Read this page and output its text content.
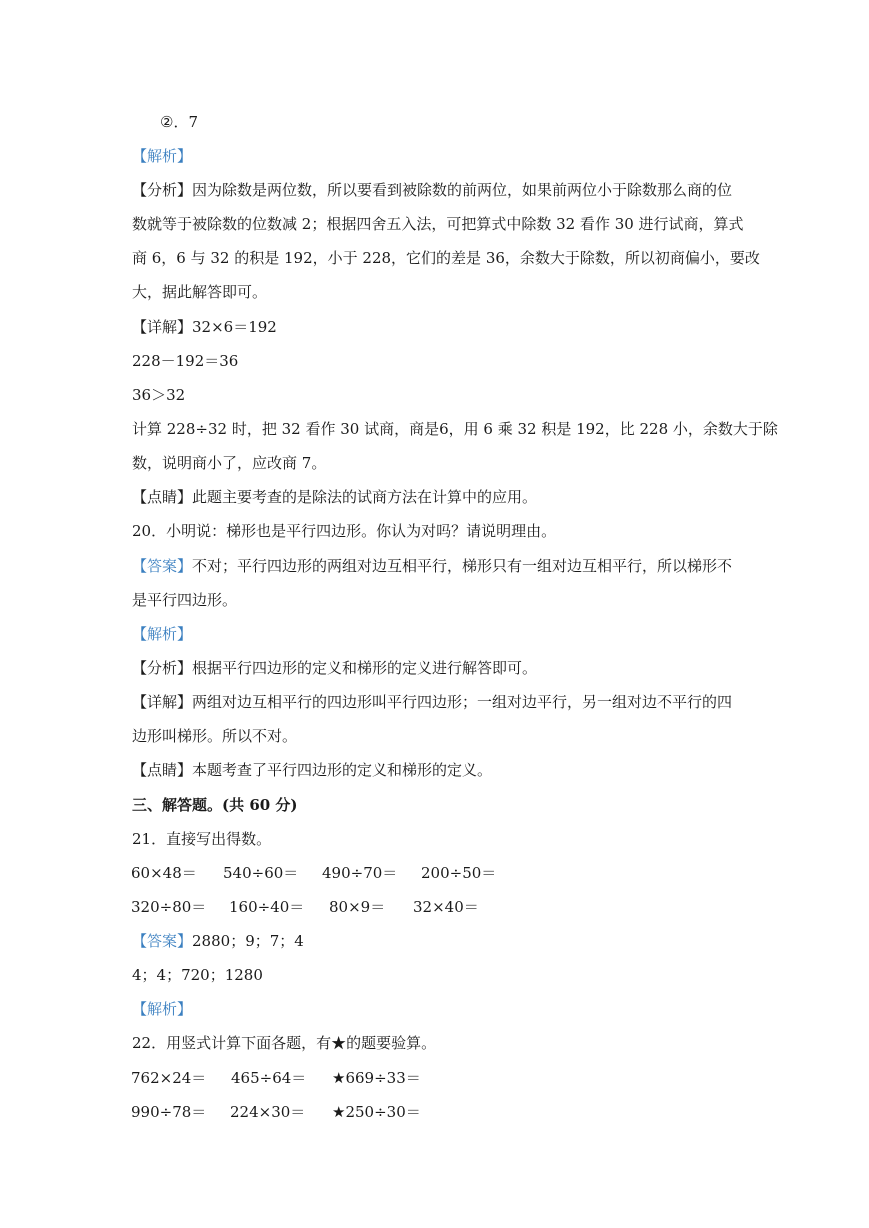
②．7
【解析】
【分析】因为除数是两位数，所以要看到被除数的前两位，如果前两位小于除数那么商的位
数就等于被除数的位数减 2；根据四舍五入法，可把算式中除数 32 看作 30 进行试商，算式
商 6，6 与 32 的积是 192，小于 228，它们的差是 36，余数大于除数，所以初商偏小，要改
大，据此解答即可。
【详解】32×6＝192
228－192＝36
36＞32
计算 228÷32 时，把 32 看作 30 试商，商是6，用 6 乘 32 积是 192，比 228 小，余数大于除
数，说明商小了，应改商 7。
【点睛】此题主要考查的是除法的试商方法在计算中的应用。
20．小明说：梯形也是平行四边形。你认为对吗？请说明理由。
【答案】不对；平行四边形的两组对边互相平行，梯形只有一组对边互相平行，所以梯形不
是平行四边形。
【解析】
【分析】根据平行四边形的定义和梯形的定义进行解答即可。
【详解】两组对边互相平行的四边形叫平行四边形；一组对边平行，另一组对边不平行的四
边形叫梯形。所以不对。
【点睛】本题考查了平行四边形的定义和梯形的定义。
三、解答题。(共 60 分)
21．直接写出得数。
60×48＝ 540÷60＝ 490÷70＝ 200÷50＝
320÷80＝ 160÷40＝ 80×9＝ 32×40＝
【答案】2880；9；7；4
4；4；720；1280
【解析】
22．用竖式计算下面各题，有★的题要验算。
762×24＝ 465÷64＝ ★669÷33＝
990÷78＝ 224×30＝ ★250÷30＝
